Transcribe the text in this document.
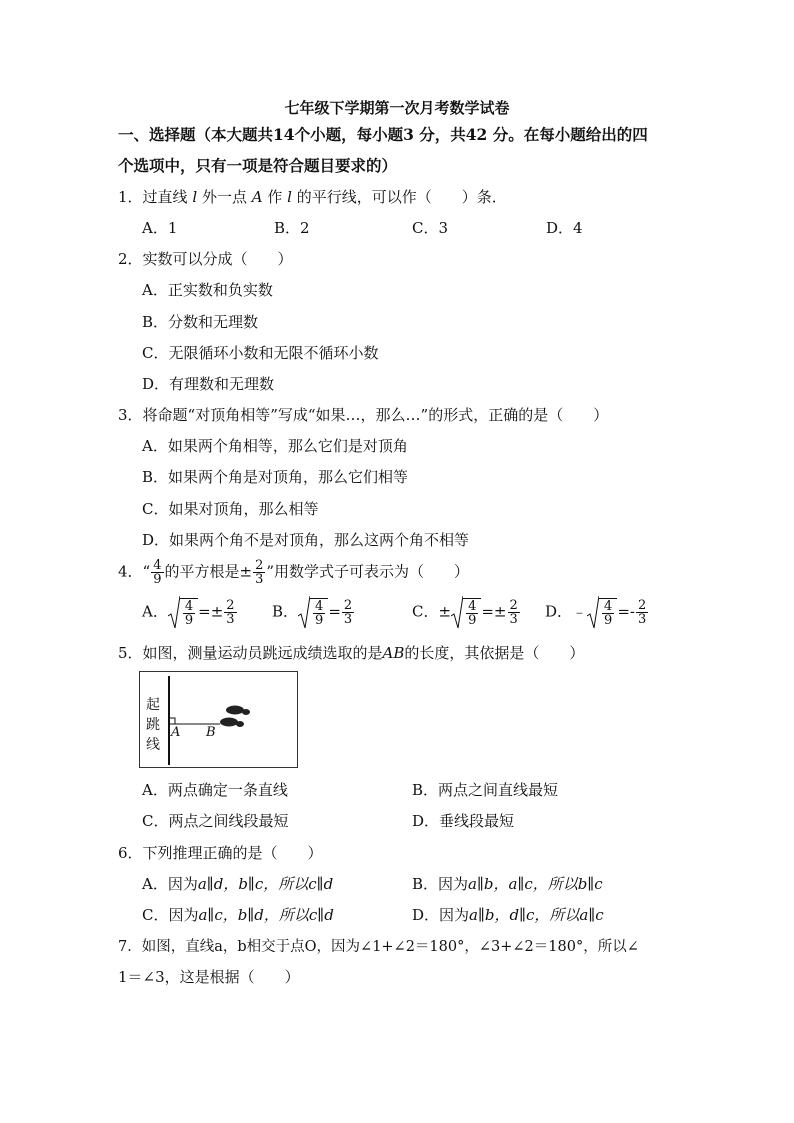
七年级下学期第一次月考数学试卷
一、选择题（本大题共14个小题，每小题3 分，共42 分。在每小题给出的四
个选项中，只有一项是符合题目要求的）
1．过直线 l 外一点 A 作 l 的平行线，可以作（　　）条．
A．1	B．2	C．3	D．4
2．实数可以分成（　　）
A．正实数和负实数
B．分数和无理数
C．无限循环小数和无限不循环小数
D．有理数和无理数
3．将命题“对顶角相等”写成“如果…，那么…”的形式，正确的是（　　）
A．如果两个角相等，那么它们是对顶角
B．如果两个角是对顶角，那么它们相等
C．如果对顶角，那么相等
D．如果两个角不是对顶角，那么这两个角不相等
4．“ $\frac{4}{9}$ 的平方根是± $\frac{2}{3}$ ”用数学式子可表示为（　　）
A． $\frac{4}{9} =\pm \frac{2}{3}$ B． $\frac{4}{9} = \frac{2}{3}$	C．± $\frac{4}{9} =\pm \frac{2}{3}$ D．﹣ $\frac{4}{9} =- \frac{2}{3}$
5．如图，测量运动员跳远成绩选取的是AB的长度，其依据是（　　）
起
跳
线
A B
A．两点确定一条直线	B．两点之间直线最短
C．两点之间线段最短	D．垂线段最短
6．下列推理正确的是（　　）
A．因为a∥d，b∥c，所以c∥d	B．因为a∥b，a∥c，所以b∥c
C．因为a∥c，b∥d，所以c∥d	D．因为a∥b，d∥c，所以a∥c
7．如图，直线a，b相交于点O，因为∠1+∠2＝180°，∠3+∠2＝180°，所以∠
1＝∠3，这是根据（　　）
